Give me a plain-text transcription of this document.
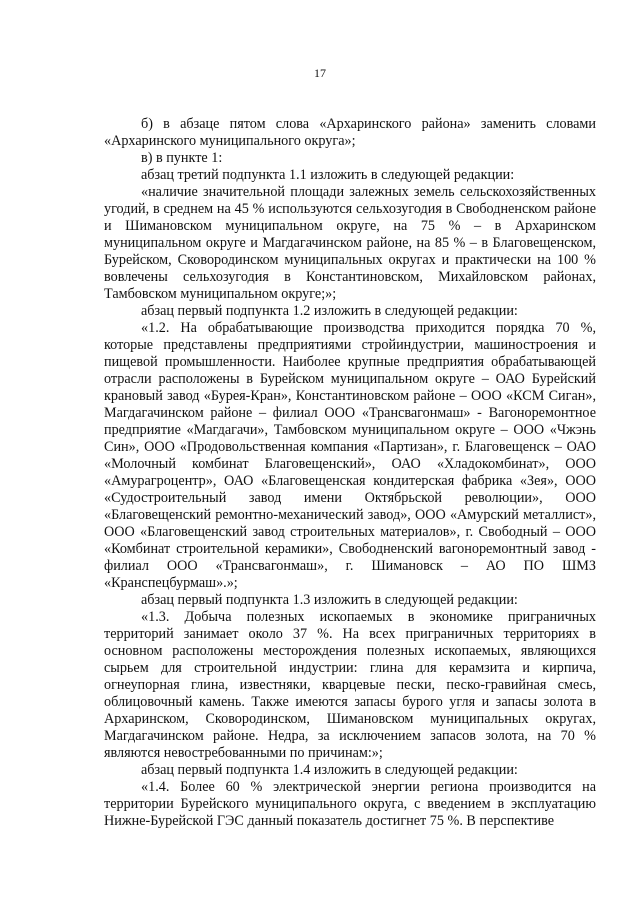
17

б) в абзаце пятом слова «Архаринского района» заменить словами «Архаринского муниципального округа»;

в) в пункте 1:

абзац третий подпункта 1.1 изложить в следующей редакции:

«наличие значительной площади залежных земель сельскохозяйственных угодий, в среднем на 45 % используются сельхозугодия в Свободненском районе и Шимановском муниципальном округе, на 75 % – в Архаринском муниципальном округе и Магдагачинском районе, на 85 % – в Благовещенском, Бурейском, Сковородинском муниципальных округах и практически на 100 % вовлечены сельхозугодия в Константиновском, Михайловском районах, Тамбовском муниципальном округе;»;

абзац первый подпункта 1.2 изложить в следующей редакции:

«1.2. На обрабатывающие производства приходится порядка 70 %, которые представлены предприятиями стройиндустрии, машиностроения и пищевой промышленности. Наиболее крупные предприятия обрабатывающей отрасли расположены в Бурейском муниципальном округе – ОАО Бурейский крановый завод «Бурея-Кран», Константиновском районе – ООО «КСМ Сиган», Магдагачинском районе – филиал ООО «Трансвагонмаш» - Вагоноремонтное предприятие «Магдагачи», Тамбовском муниципальном округе – ООО «Чжэнь Син», ООО «Продовольственная компания «Партизан», г. Благовещенск – ОАО «Молочный комбинат Благовещенский», ОАО «Хладокомбинат», ООО «Амурагроцентр», ОАО «Благовещенская кондитерская фабрика «Зея», ООО «Судостроительный завод имени Октябрьской революции», ООО «Благовещенский ремонтно-механический завод», ООО «Амурский металлист», ООО «Благовещенский завод строительных материалов», г. Свободный – ООО «Комбинат строительной керамики», Свободненский вагоноремонтный завод - филиал ООО «Трансвагонмаш», г. Шимановск – АО ПО ШМЗ «Кранспецбурмаш».»;

абзац первый подпункта 1.3 изложить в следующей редакции:

«1.3. Добыча полезных ископаемых в экономике приграничных территорий занимает около 37 %. На всех приграничных территориях в основном расположены месторождения полезных ископаемых, являющихся сырьем для строительной индустрии: глина для керамзита и кирпича, огнеупорная глина, известняки, кварцевые пески, песко-гравийная смесь, облицовочный камень. Также имеются запасы бурого угля и запасы золота в Архаринском, Сковородинском, Шимановском муниципальных округах, Магдагачинском районе. Недра, за исключением запасов золота, на 70 % являются невостребованными по причинам:»;

абзац первый подпункта 1.4 изложить в следующей редакции:

«1.4. Более 60 % электрической энергии региона производится на территории Бурейского муниципального округа, с введением в эксплуатацию Нижне-Бурейской ГЭС данный показатель достигнет 75 %. В перспективе
